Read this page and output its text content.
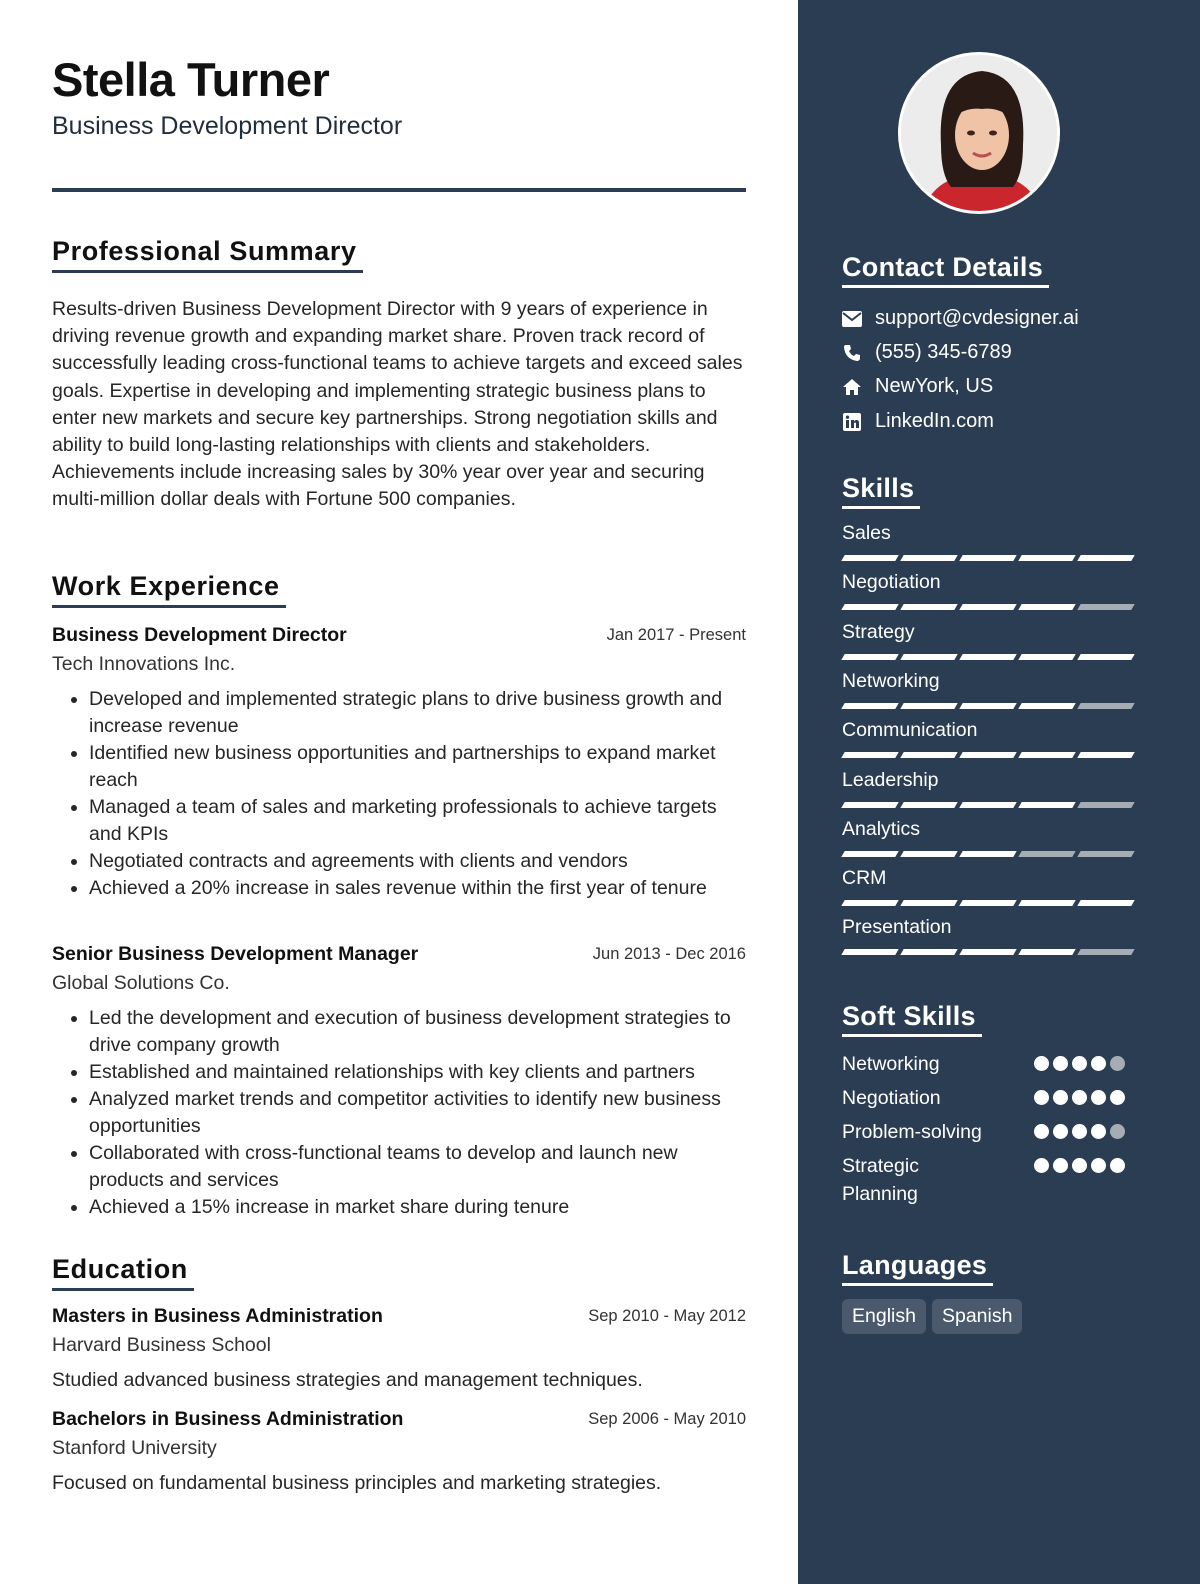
Stella Turner
Business Development Director
Professional Summary
Results-driven Business Development Director with 9 years of experience in driving revenue growth and expanding market share. Proven track record of successfully leading cross-functional teams to achieve targets and exceed sales goals. Expertise in developing and implementing strategic business plans to enter new markets and secure key partnerships. Strong negotiation skills and ability to build long-lasting relationships with clients and stakeholders. Achievements include increasing sales by 30% year over year and securing multi-million dollar deals with Fortune 500 companies.
Work Experience
Business Development Director	Jan 2017 - Present
Tech Innovations Inc.
• Developed and implemented strategic plans to drive business growth and increase revenue
• Identified new business opportunities and partnerships to expand market reach
• Managed a team of sales and marketing professionals to achieve targets and KPIs
• Negotiated contracts and agreements with clients and vendors
• Achieved a 20% increase in sales revenue within the first year of tenure
Senior Business Development Manager	Jun 2013 - Dec 2016
Global Solutions Co.
• Led the development and execution of business development strategies to drive company growth
• Established and maintained relationships with key clients and partners
• Analyzed market trends and competitor activities to identify new business opportunities
• Collaborated with cross-functional teams to develop and launch new products and services
• Achieved a 15% increase in market share during tenure
Education
Masters in Business Administration	Sep 2010 - May 2012
Harvard Business School
Studied advanced business strategies and management techniques.
Bachelors in Business Administration	Sep 2006 - May 2010
Stanford University
Focused on fundamental business principles and marketing strategies.
Contact Details
support@cvdesigner.ai
(555) 345-6789
NewYork, US
LinkedIn.com
Skills
Sales
Negotiation
Strategy
Networking
Communication
Leadership
Analytics
CRM
Presentation
Soft Skills
Networking
Negotiation
Problem-solving
Strategic Planning
Languages
English	Spanish
